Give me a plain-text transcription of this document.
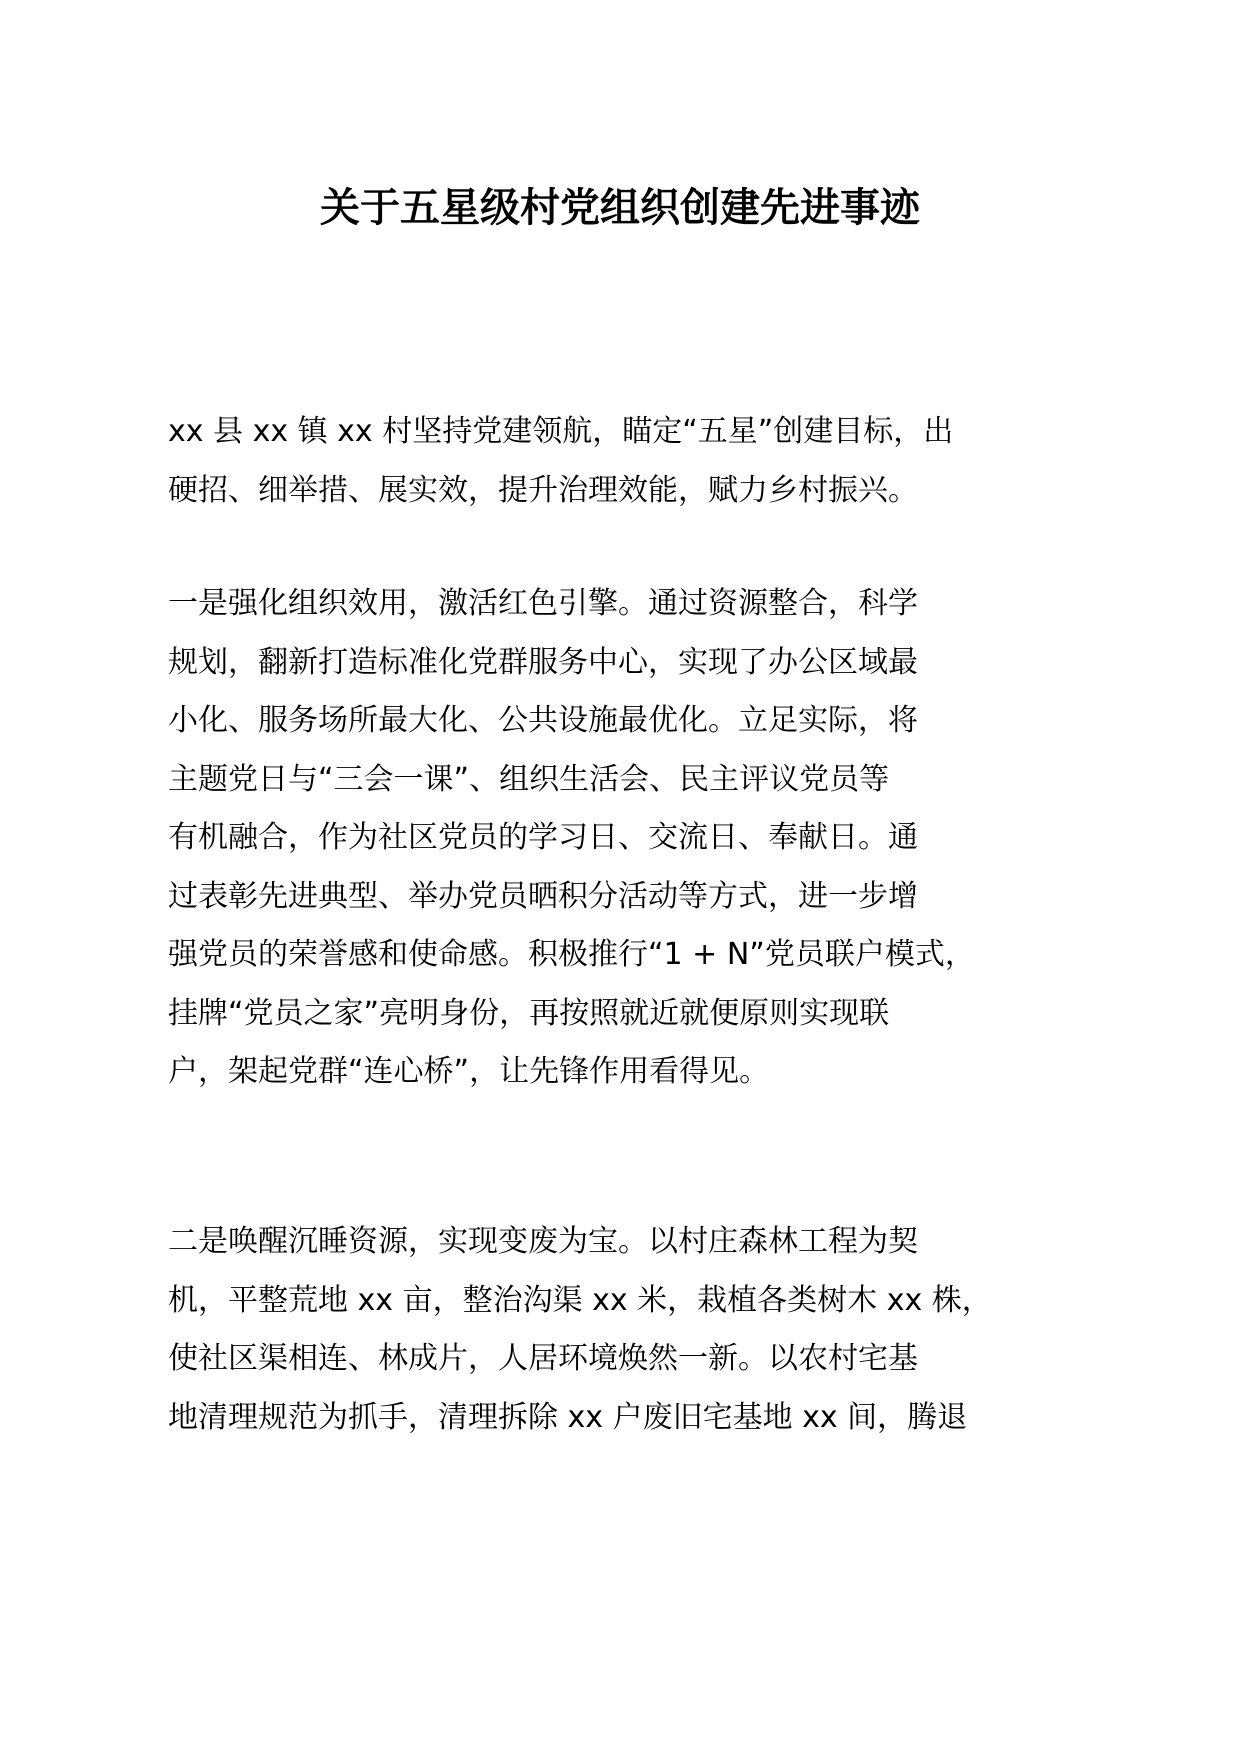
关于五星级村党组织创建先进事迹
xx 县 xx 镇 xx 村坚持党建领航，瞄定“五星”创建目标，出
硬招、细举措、展实效，提升治理效能，赋力乡村振兴。
一是强化组织效用，激活红色引擎。通过资源整合，科学
规划，翻新打造标准化党群服务中心，实现了办公区域最
小化、服务场所最大化、公共设施最优化。立足实际，将
主题党日与“三会一课”、组织生活会、民主评议党员等
有机融合，作为社区党员的学习日、交流日、奉献日。通
过表彰先进典型、举办党员晒积分活动等方式，进一步增
强党员的荣誉感和使命感。积极推行“1 + N”党员联户模式，
挂牌“党员之家”亮明身份，再按照就近就便原则实现联
户，架起党群“连心桥”，让先锋作用看得见。
二是唤醒沉睡资源，实现变废为宝。以村庄森林工程为契
机，平整荒地 xx 亩，整治沟渠 xx 米，栽植各类树木 xx 株，
使社区渠相连、林成片，人居环境焕然一新。以农村宅基
地清理规范为抓手，清理拆除 xx 户废旧宅基地 xx 间，腾退
